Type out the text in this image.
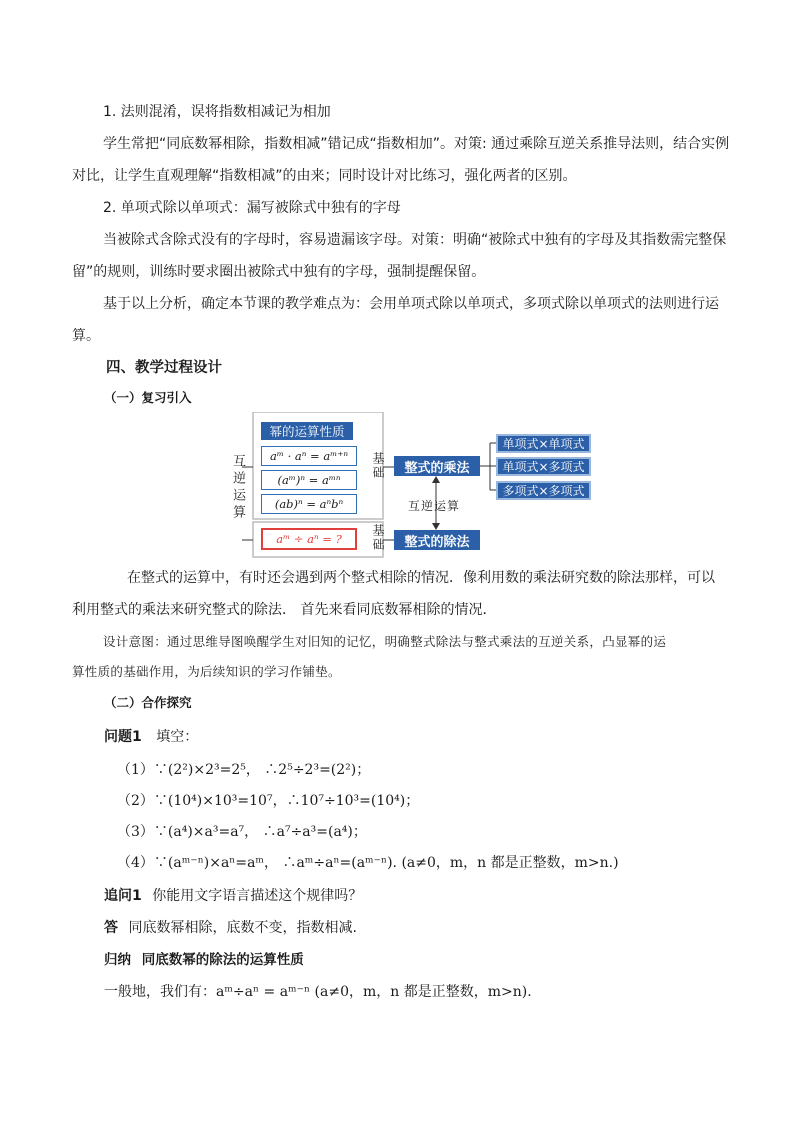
1. 法则混淆，误将指数相减记为相加
学生常把“同底数幂相除，指数相减”错记成“指数相加”。对策: 通过乘除互逆关系推导法则，结合实例
对比，让学生直观理解“指数相减”的由来；同时设计对比练习，强化两者的区别。
2. 单项式除以单项式：漏写被除式中独有的字母
当被除式含除式没有的字母时，容易遗漏该字母。对策：明确“被除式中独有的字母及其指数需完整保
留”的规则，训练时要求圈出被除式中独有的字母，强制提醒保留。
基于以上分析，确定本节课的教学难点为：会用单项式除以单项式，多项式除以单项式的法则进行运
算。
四、教学过程设计
（一）复习引入
幂的运算性质
aᵐ · aⁿ = aᵐ⁺ⁿ
(aᵐ)ⁿ = aᵐⁿ
(ab)ⁿ = aⁿbⁿ
aᵐ ÷ aⁿ = ?
互逆运算	基础
基础
整式的乘法
整式的除法
互逆运算
单项式×单项式
单项式×多项式
多项式×多项式
在整式的运算中，有时还会遇到两个整式相除的情况．像利用数的乘法研究数的除法那样，可以
利用整式的乘法来研究整式的除法． 首先来看同底数幂相除的情况．
设计意图：通过思维导图唤醒学生对旧知的记忆，明确整式除法与整式乘法的互逆关系，凸显幂的运
算性质的基础作用，为后续知识的学习作铺垫。
（二）合作探究
问题1 填空：
（1）∵(2²)×2³=2⁵， ∴2⁵÷2³=(2²)；
（2）∵(10⁴)×10³=10⁷，∴10⁷÷10³=(10⁴)；
（3）∵(a⁴)×a³=a⁷， ∴a⁷÷a³=(a⁴)；
（4）∵(aᵐ⁻ⁿ)×aⁿ=aᵐ， ∴aᵐ÷aⁿ=(aᵐ⁻ⁿ). (a≠0，m，n 都是正整数，m>n.)
追问1 你能用文字语言描述这个规律吗？
答 同底数幂相除，底数不变，指数相减.
归纳 同底数幂的除法的运算性质
一般地，我们有：aᵐ÷aⁿ = aᵐ⁻ⁿ (a≠0，m，n 都是正整数，m>n).
